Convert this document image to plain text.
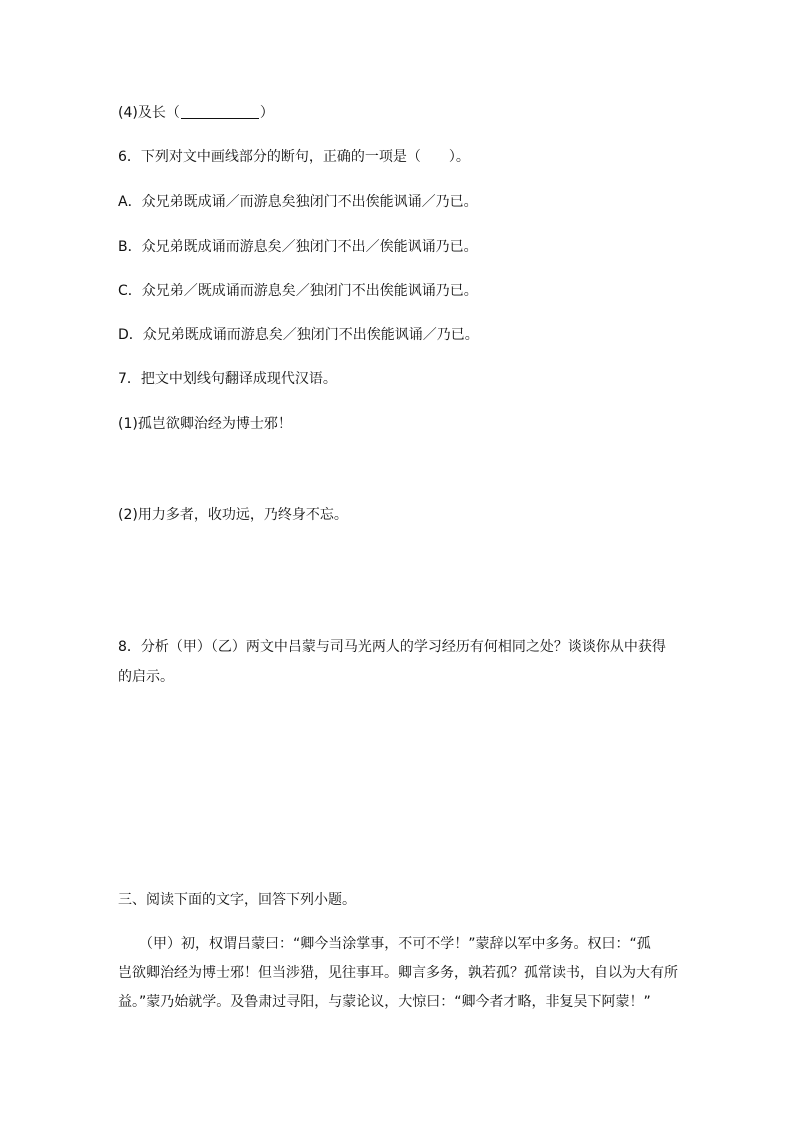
(4)及长（	）
6．下列对文中画线部分的断句，正确的一项是（　　）。
A．众兄弟既成诵／而游息矣独闭门不出俟能讽诵／乃已。
B．众兄弟既成诵而游息矣／独闭门不出／俟能讽诵乃已。
C．众兄弟／既成诵而游息矣／独闭门不出俟能讽诵乃已。
D．众兄弟既成诵而游息矣／独闭门不出俟能讽诵／乃已。
7．把文中划线句翻译成现代汉语。
(1)孤岂欲卿治经为博士邪！
(2)用力多者，收功远，乃终身不忘。
8．分析（甲）（乙）两文中吕蒙与司马光两人的学习经历有何相同之处？谈谈你从中获得
的启示。
三、阅读下面的文字，回答下列小题。
　　（甲）初，权谓吕蒙曰：“卿今当涂掌事，不可不学！”蒙辞以军中多务。权曰：“孤
岂欲卿治经为博士邪！但当涉猎，见往事耳。卿言多务，孰若孤？孤常读书，自以为大有所
益。”蒙乃始就学。及鲁肃过寻阳，与蒙论议，大惊曰：“卿今者才略，非复吴下阿蒙！”
